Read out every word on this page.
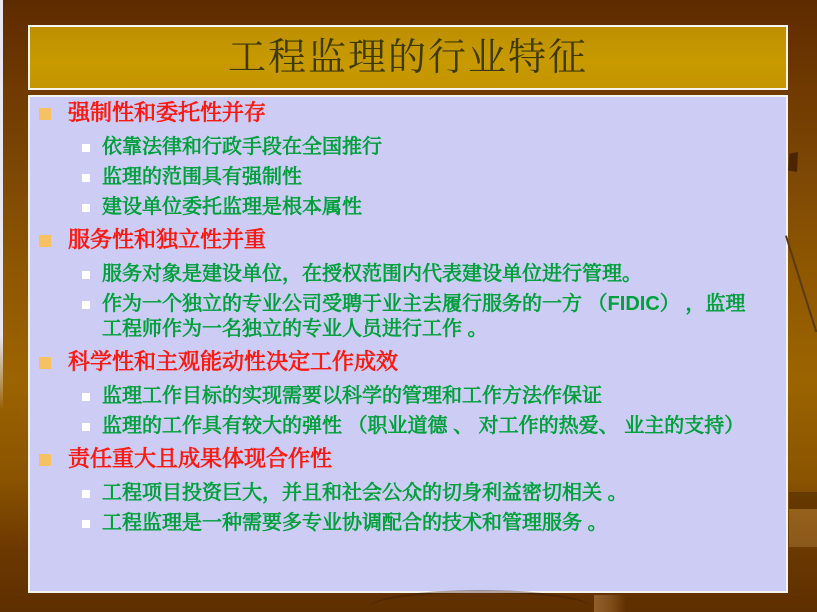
工程监理的行业特征
强制性和委托性并存
依靠法律和行政手段在全国推行
监理的范围具有强制性
建设单位委托监理是根本属性
服务性和独立性并重
服务对象是建设单位，在授权范围内代表建设单位进行管理。
作为一个独立的专业公司受聘于业主去履行服务的一方 （FIDIC） ，监理工程师作为一名独立的专业人员进行工作 。
科学性和主观能动性决定工作成效
监理工作目标的实现需要以科学的管理和工作方法作保证
监理的工作具有较大的弹性 （职业道德 、 对工作的热爱、 业主的支持）
责任重大且成果体现合作性
工程项目投资巨大，并且和社会公众的切身利益密切相关 。
工程监理是一种需要多专业协调配合的技术和管理服务 。
